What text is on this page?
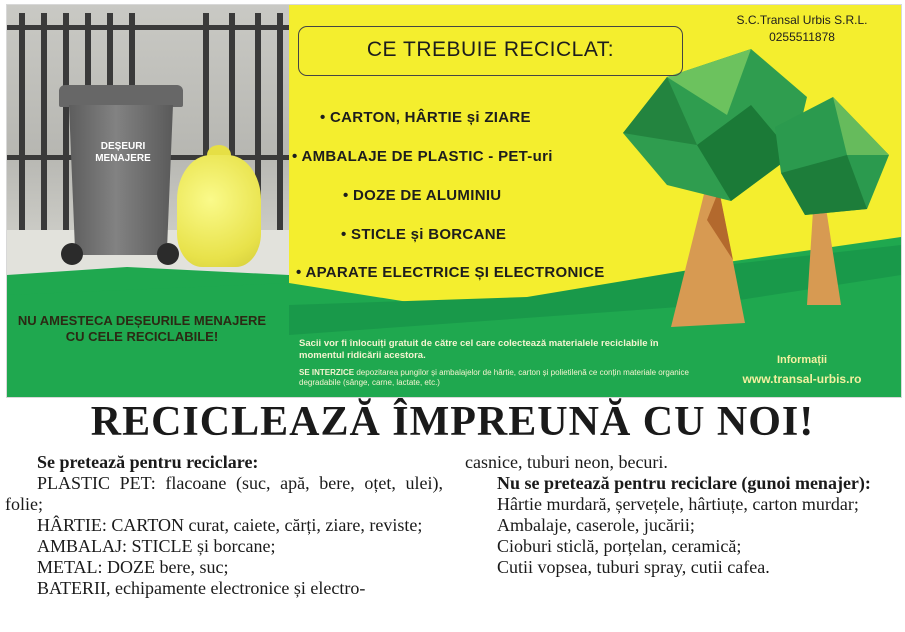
DEȘEURI
MENAJERE
CE TREBUIE RECICLAT:
S.C.Transal Urbis S.R.L.
0255511878
• CARTON, HÂRTIE și ZIARE
• AMBALAJE DE PLASTIC - PET-uri
• DOZE DE ALUMINIU
• STICLE și BORCANE
• APARATE ELECTRICE ȘI ELECTRONICE
NU AMESTECA DEȘEURILE MENAJERE CU CELE RECICLABILE!	Sacii vor fi înlocuiți gratuit de către cel care colectează materialele reciclabile în momentul ridicării acestora.
SE INTERZICE depozitarea pungilor și ambalajelor de hârtie, carton și polietilenă ce conțin materiale organice degradabile (sânge, carne, lactate, etc.)
Informații
www.transal-urbis.ro
RECICLEAZĂ ÎMPREUNĂ CU NOI!

Se pretează pentru reciclare:

PLASTIC PET: flacoane (suc, apă, bere, oțet, ulei), folie;

HÂRTIE: CARTON curat, caiete, cărți, ziare, reviste;

AMBALAJ: STICLE și borcane;

METAL: DOZE bere, suc;

BATERII, echipamente electronice și electro-

casnice, tuburi neon, becuri.

Nu se pretează pentru reciclare (gunoi menajer):

Hârtie murdară, șervețele, hârtiuțe, carton murdar;

Ambalaje, caserole, jucării;

Cioburi sticlă, porțelan, ceramică;

Cutii vopsea, tuburi spray, cutii cafea.
